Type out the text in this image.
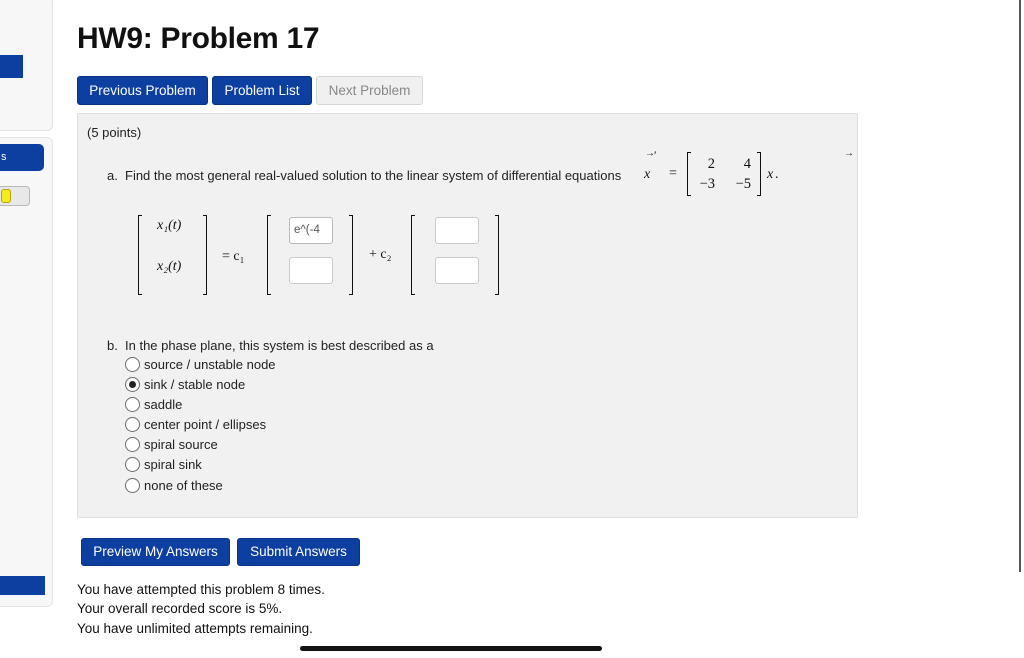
s
HW9: Problem 17
Previous Problem	Problem List	Next Problem
(5 points)
a. Find the most general real-valued solution to the linear system of differential equations
→ ′
x =
2	4
−3	−5
→
x .
x₁(t)
x₂(t)
= c₁
e^(-4
+ c₂
b. In the phase plane, this system is best described as a
source / unstable node
sink / stable node
saddle
center point / ellipses
spiral source
spiral sink
none of these
Preview My Answers	Submit Answers
You have attempted this problem 8 times.
Your overall recorded score is 5%.
You have unlimited attempts remaining.
